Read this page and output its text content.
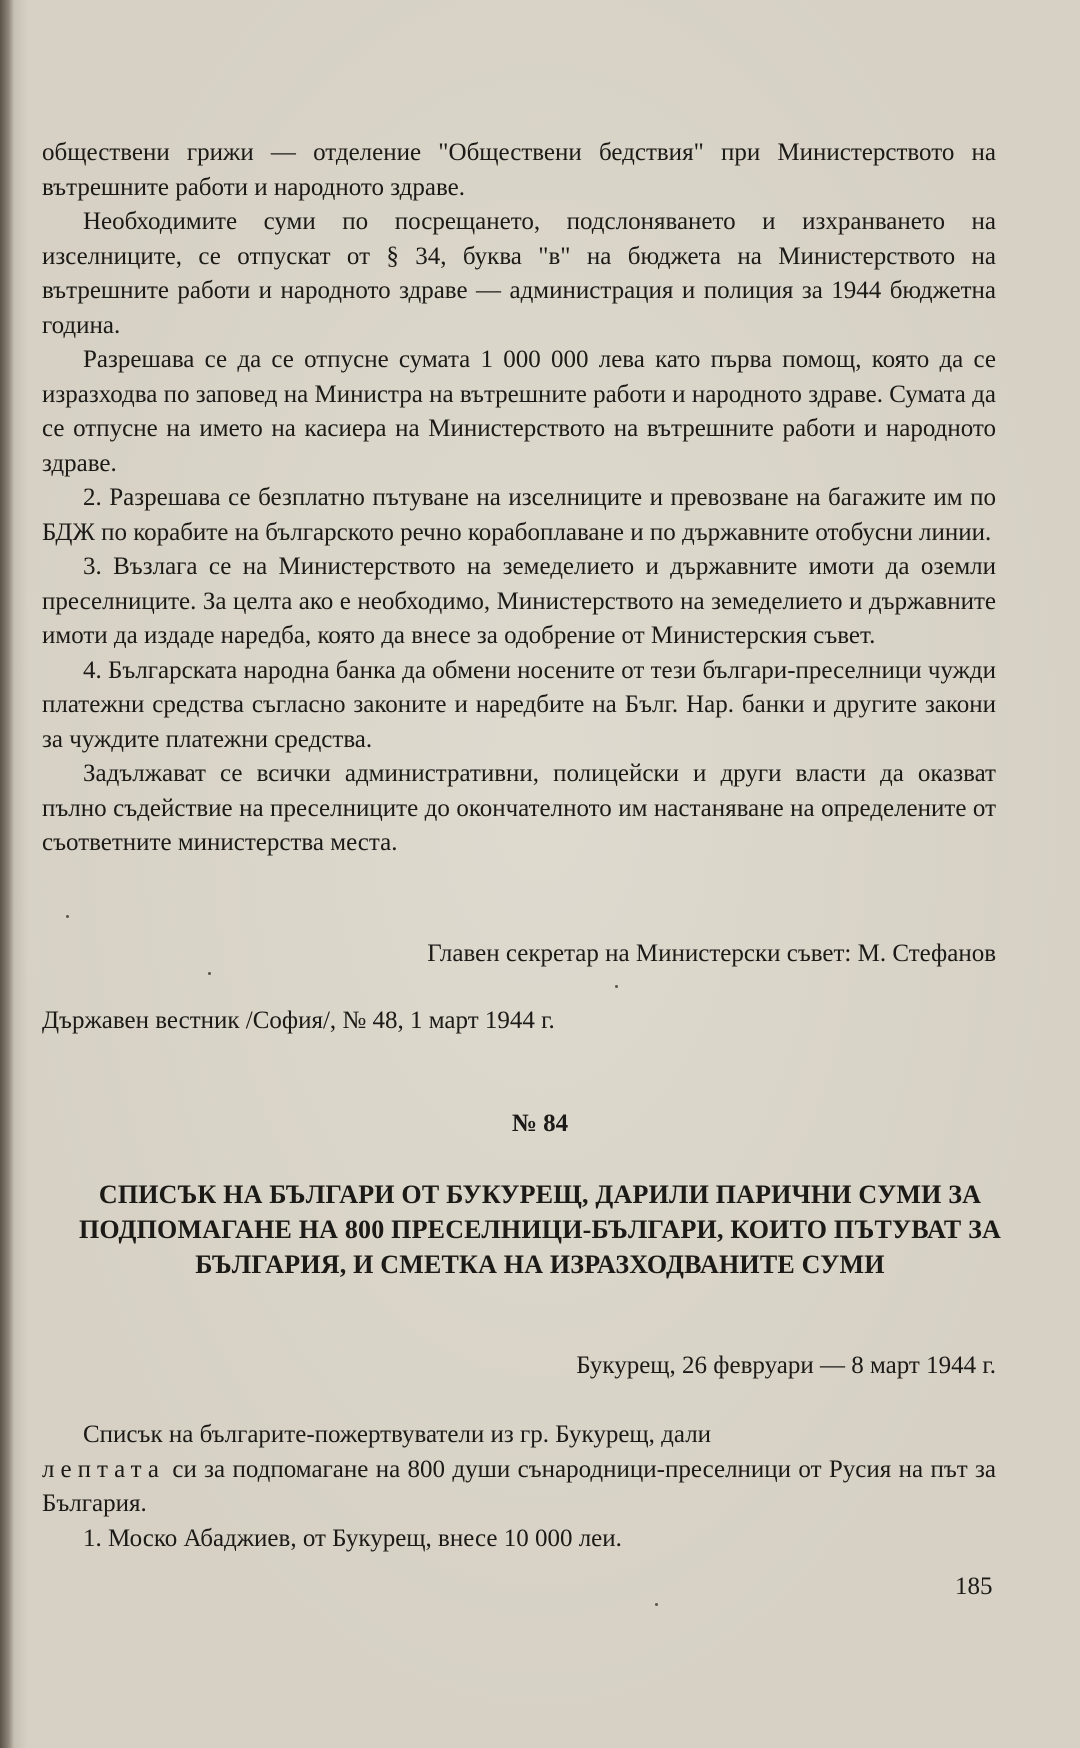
обществени грижи — отделение "Обществени бедствия" при Министерството на вътрешните работи и народното здраве.

Необходимите суми по посрещането, подслоняването и изхранването на изселниците, се отпускат от § 34, буква "в" на бюджета на Министерството на вътрешните работи и народното здраве — администрация и полиция за 1944 бюджетна година.

Разрешава се да се отпусне сумата 1 000 000 лева като първа помощ, която да се изразходва по заповед на Министра на вътрешните работи и народното здраве. Сумата да се отпусне на името на касиера на Министерството на вътрешните работи и народното здраве.

2. Разрешава се безплатно пътуване на изселниците и превозване на багажите им по БДЖ по корабите на българското речно корабоплаване и по държавните отобусни линии.

3. Възлага се на Министерството на земеделието и държавните имоти да оземли преселниците. За целта ако е необходимо, Министерството на земеделието и държавните имоти да издаде наредба, която да внесе за одобрение от Министерския съвет.

4. Българската народна банка да обмени носените от тези българи-преселници чужди платежни средства съгласно законите и наредбите на Бълг. Нар. банки и другите закони за чуждите платежни средства.

Задължават се всички административни, полицейски и други власти да оказват пълно съдействие на преселниците до окончателното им настаняване на определените от съответните министерства места.

Главен секретар на Министерски съвет: М. Стефанов
Държавен вестник /София/, № 48, 1 март 1944 г.
№ 84
СПИСЪК НА БЪЛГАРИ ОТ БУКУРЕЩ, ДАРИЛИ ПАРИЧНИ СУМИ ЗА ПОДПОМАГАНЕ НА 800 ПРЕСЕЛНИЦИ-БЪЛГАРИ, КОИТО ПЪТУВАТ ЗА БЪЛГАРИЯ, И СМЕТКА НА ИЗРАЗХОДВАНИТЕ СУМИ
Букурещ, 26 февруари — 8 март 1944 г.

Списък на българите-пожертвуватели из гр. Букурещ, дали
лептата си за подпомагане на 800 души сънародници-преселници от Русия на път за България.

1. Моско Абаджиев, от Букурещ, внесе 10 000 леи.

185
